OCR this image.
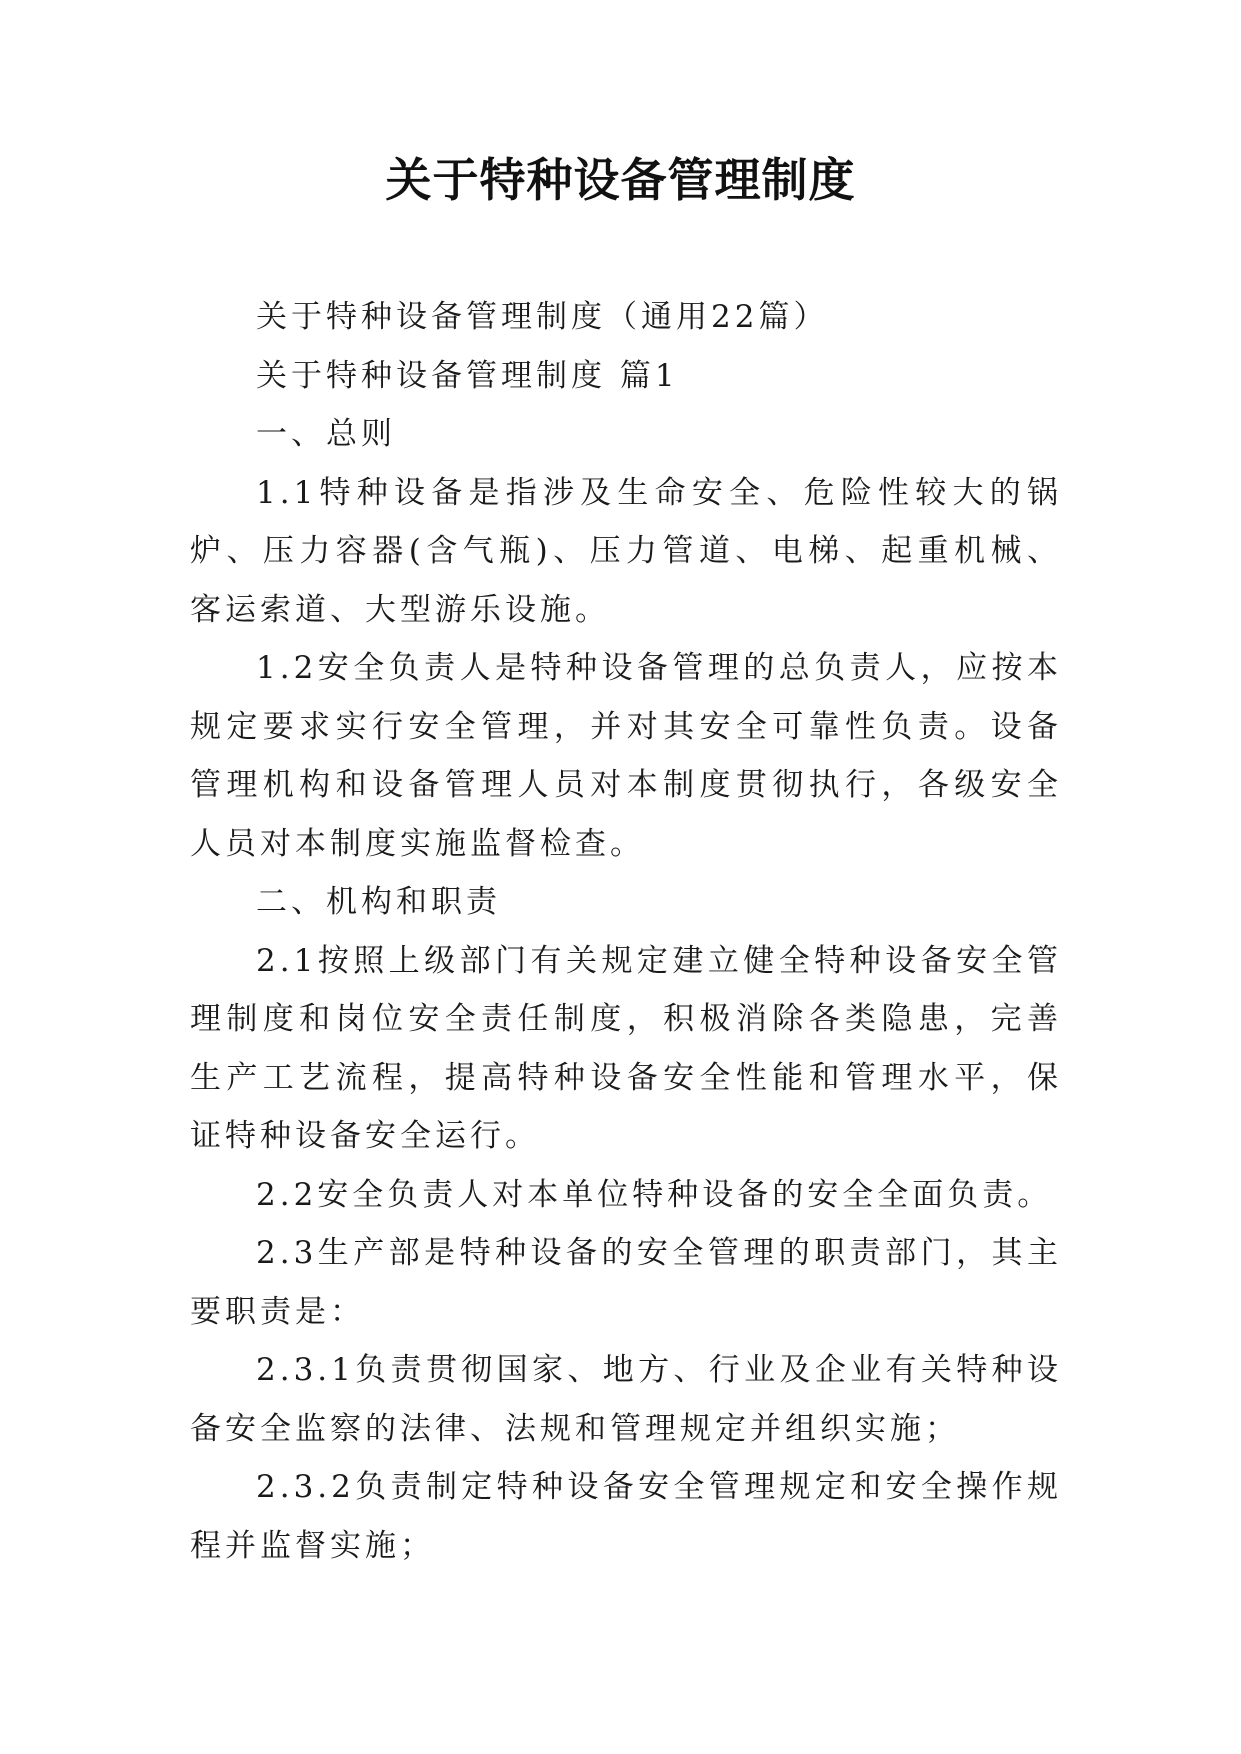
关于特种设备管理制度

关于特种设备管理制度（通用22篇）

关于特种设备管理制度 篇1

一、总则

1.1特种设备是指涉及生命安全、危险性较大的锅炉、压力容器(含气瓶)、压力管道、电梯、起重机械、客运索道、大型游乐设施。

1.2安全负责人是特种设备管理的总负责人，应按本规定要求实行安全管理，并对其安全可靠性负责。设备管理机构和设备管理人员对本制度贯彻执行，各级安全人员对本制度实施监督检查。

二、机构和职责

2.1按照上级部门有关规定建立健全特种设备安全管理制度和岗位安全责任制度，积极消除各类隐患，完善生产工艺流程，提高特种设备安全性能和管理水平，保证特种设备安全运行。

2.2安全负责人对本单位特种设备的安全全面负责。

2.3生产部是特种设备的安全管理的职责部门，其主要职责是：

2.3.1负责贯彻国家、地方、行业及企业有关特种设备安全监察的法律、法规和管理规定并组织实施；

2.3.2负责制定特种设备安全管理规定和安全操作规程并监督实施；
